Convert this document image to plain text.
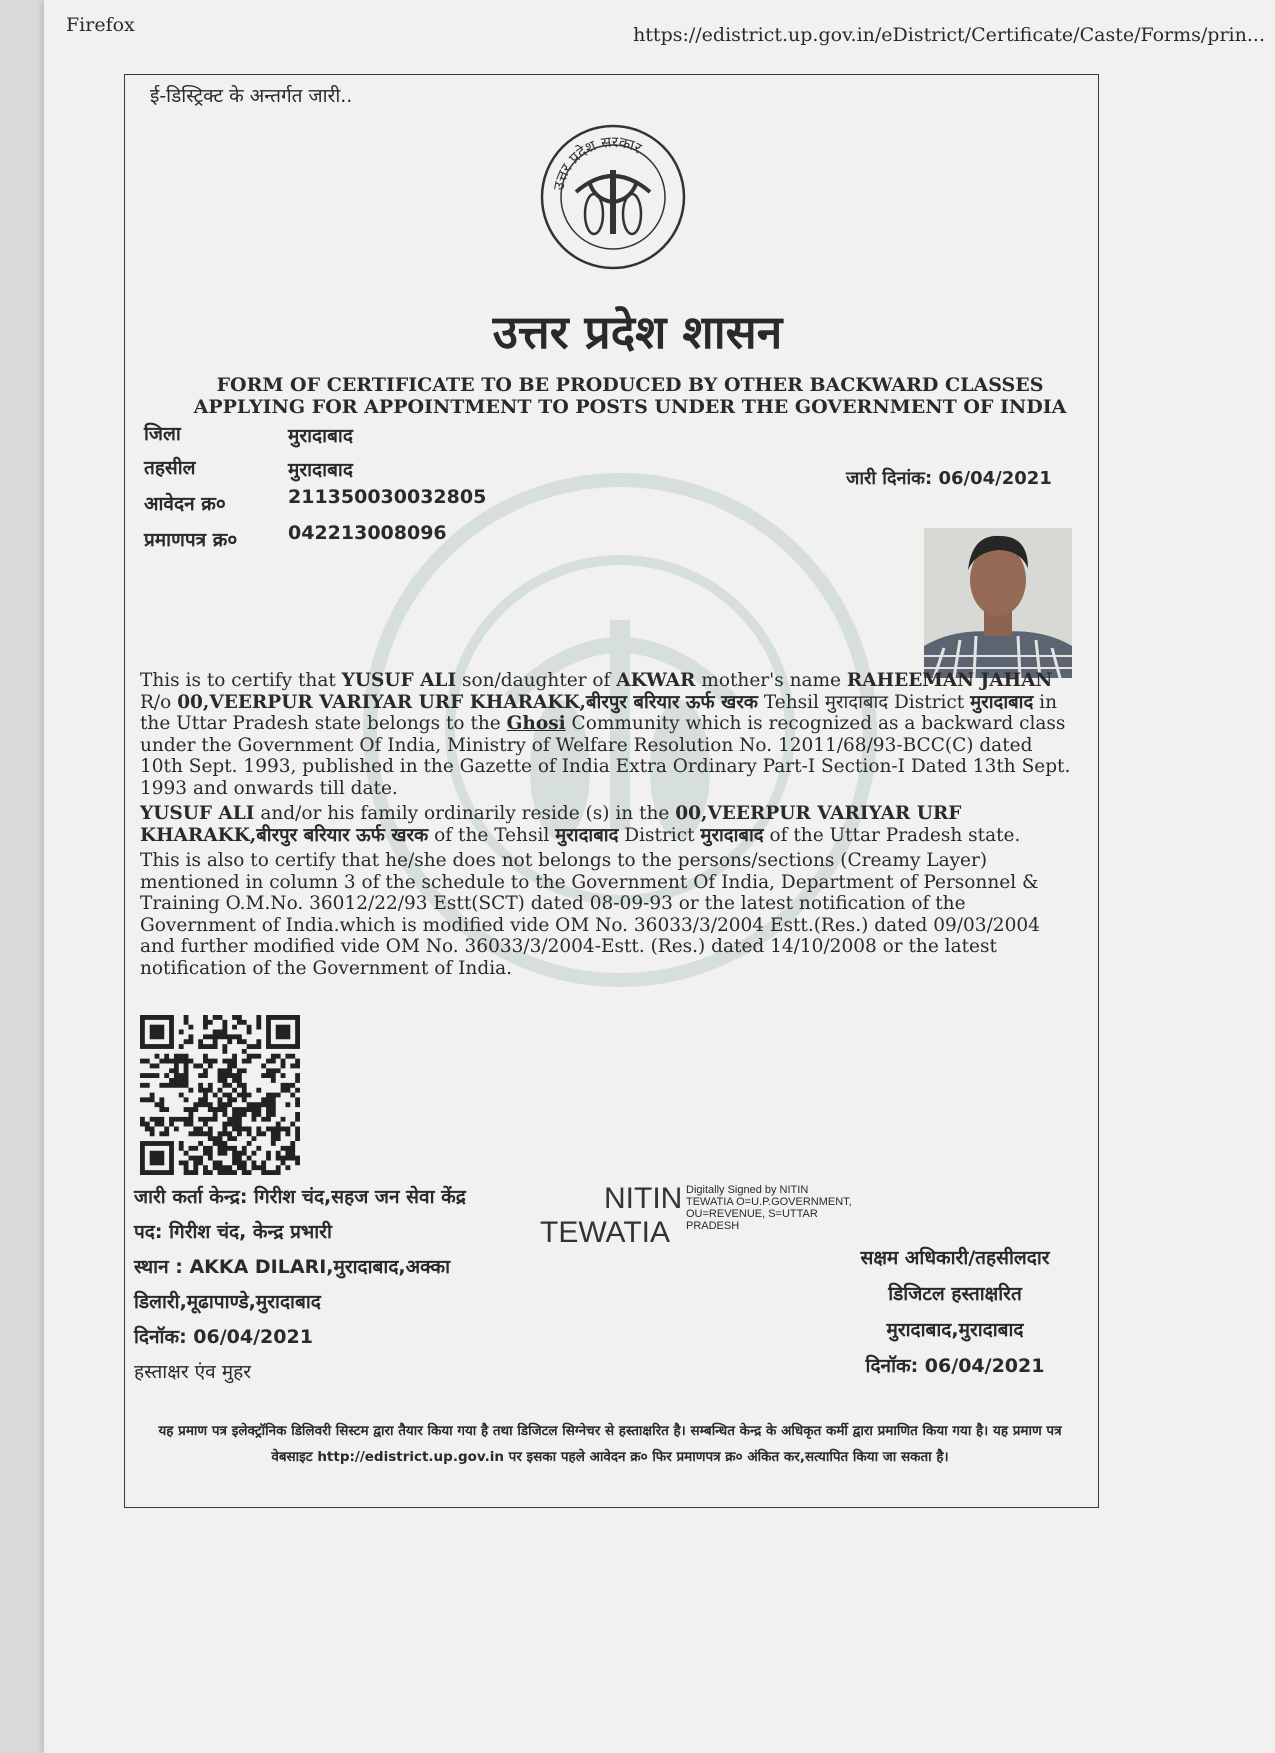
Firefox	https://edistrict.up.gov.in/eDistrict/Certificate/Caste/Forms/prin...
ई-डिस्ट्रिक्ट के अन्तर्गत जारी..
उत्तर प्रदेश सरकार
उत्तर प्रदेश शासन
FORM OF CERTIFICATE TO BE PRODUCED BY OTHER BACKWARD CLASSES
APPLYING FOR APPOINTMENT TO POSTS UNDER THE GOVERNMENT OF INDIA
जिला	मुरादाबाद
तहसील	मुरादाबाद
आवेदन क्र०	211350030032805
प्रमाणपत्र क्र०	042213008096
जारी दिनांक: 06/04/2021

This is to certify that YUSUF ALI son/daughter of AKWAR mother's name RAHEEMAN JAHAN R/o 00,VEERPUR VARIYAR URF KHARAKK,बीरपुर बरियार ऊर्फ खरक Tehsil मुरादाबाद District मुरादाबाद in the Uttar Pradesh state belongs to the Ghosi Community which is recognized as a backward class under the Government Of India, Ministry of Welfare Resolution No. 12011/68/93-BCC(C) dated 10th Sept. 1993, published in the Gazette of India Extra Ordinary Part-I Section-I Dated 13th Sept. 1993 and onwards till date.

YUSUF ALI and/or his family ordinarily reside (s) in the 00,VEERPUR VARIYAR URF KHARAKK,बीरपुर बरियार ऊर्फ खरक of the Tehsil मुरादाबाद District मुरादाबाद of the Uttar Pradesh state.

This is also to certify that he/she does not belongs to the persons/sections (Creamy Layer) mentioned in column 3 of the schedule to the Government Of India, Department of Personnel & Training O.M.No. 36012/22/93 Estt(SCT) dated 08-09-93 or the latest notification of the Government of India.which is modified vide OM No. 36033/3/2004 Estt.(Res.) dated 09/03/2004 and further modified vide OM No. 36033/3/2004-Estt. (Res.) dated 14/10/2008 or the latest notification of the Government of India.

जारी कर्ता केन्द्र: गिरीश चंद,सहज जन सेवा केंद्र
पद: गिरीश चंद, केन्द्र प्रभारी
स्थान : AKKA DILARI,मुरादाबाद,अक्का
डिलारी,मूढापाण्डे,मुरादाबाद
दिनॉक: 06/04/2021
हस्ताक्षर एंव मुहर
NITIN
TEWATIA
Digitally Signed by NITIN TEWATIA O=U.P.GOVERNMENT, OU=REVENUE, S=UTTAR PRADESH
सक्षम अधिकारी/तहसीलदार
डिजिटल हस्ताक्षरित
मुरादाबाद,मुरादाबाद
दिनॉक: 06/04/2021
यह प्रमाण पत्र इलेक्ट्रॉनिक डिलिवरी सिस्टम द्वारा तैयार किया गया है तथा डिजिटल सिग्नेचर से हस्ताक्षरित है। सम्बन्धित केन्द्र के अधिकृत कर्मी द्वारा प्रमाणित किया गया है। यह प्रमाण पत्र वेबसाइट http://edistrict.up.gov.in पर इसका पहले आवेदन क्र० फिर प्रमाणपत्र क्र० अंकित कर,सत्यापित किया जा सकता है।
